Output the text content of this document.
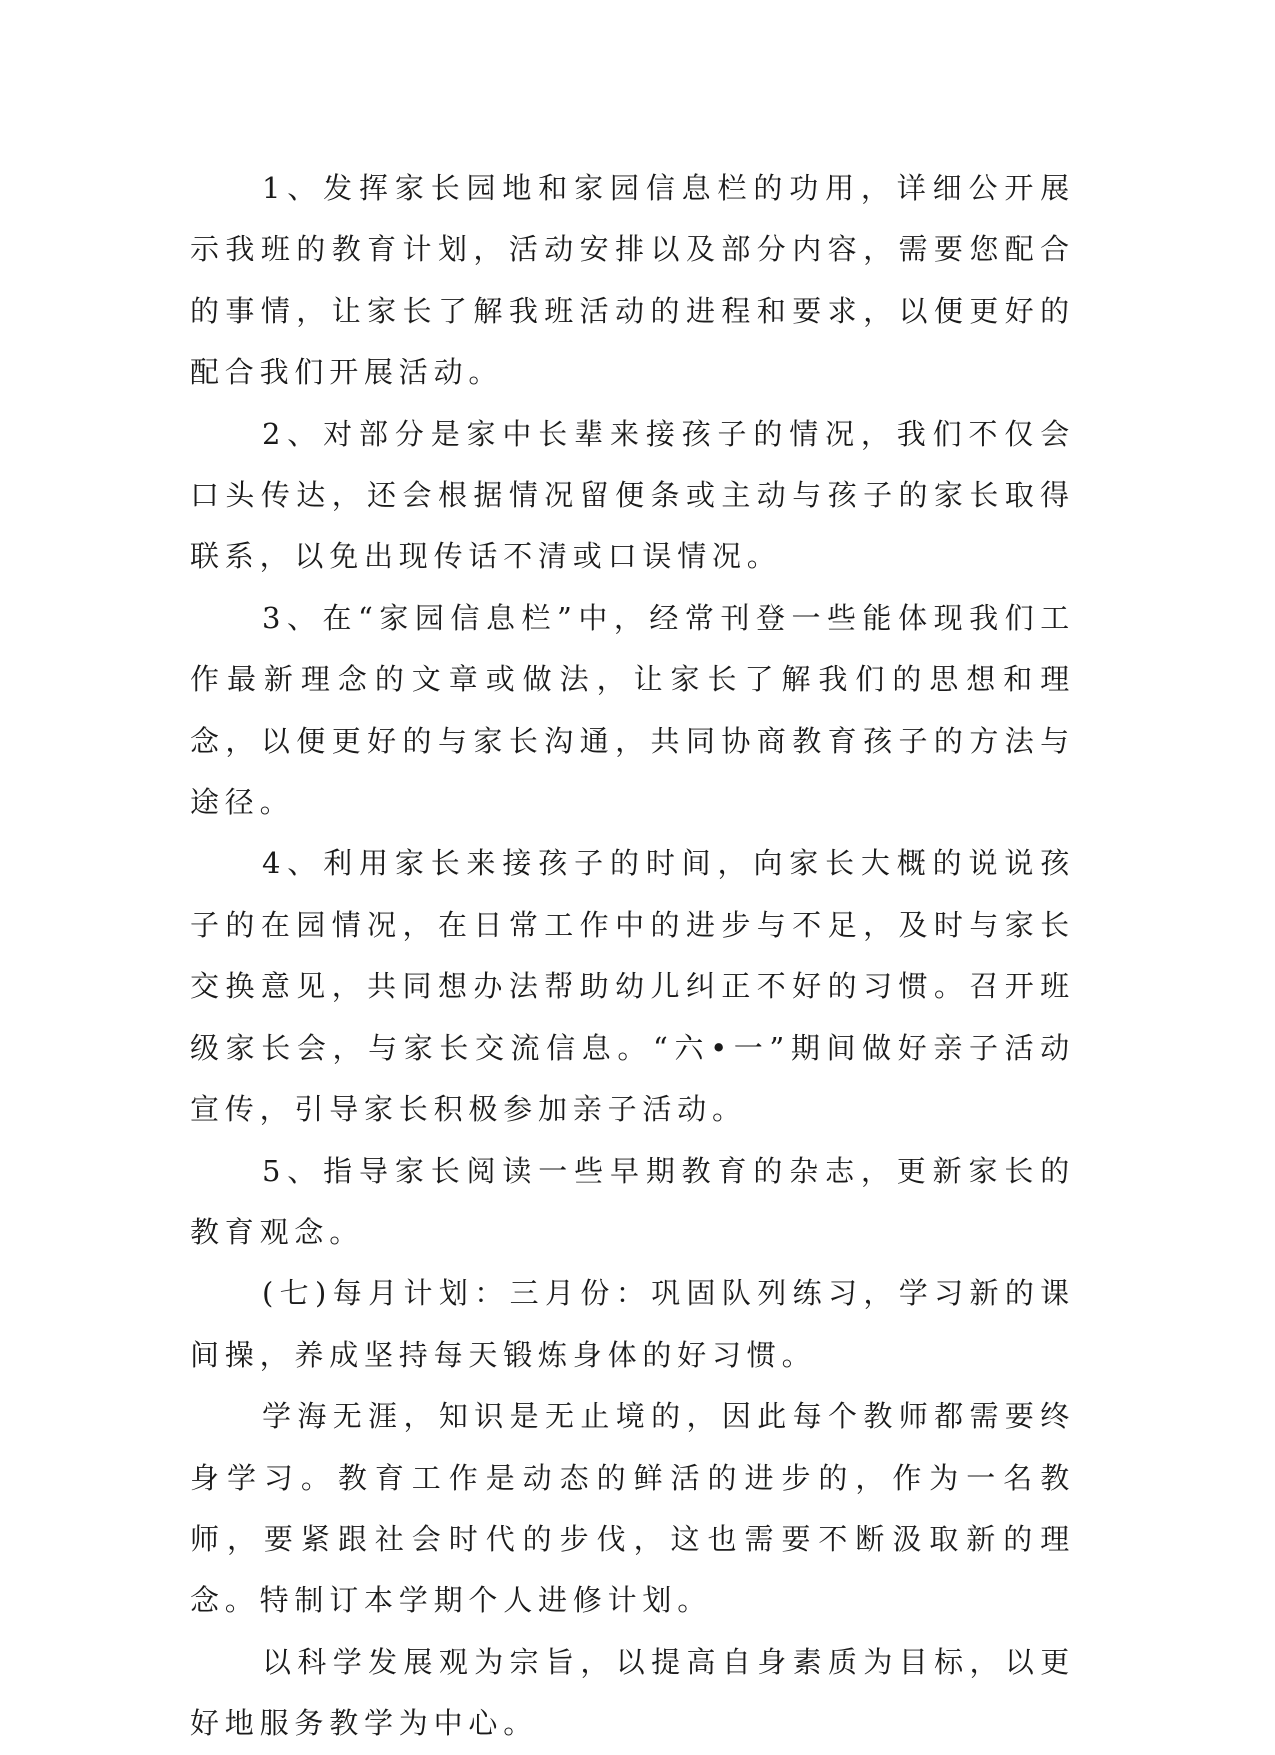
1、发挥家长园地和家园信息栏的功用，详细公开展示我班的教育计划，活动安排以及部分内容，需要您配合的事情，让家长了解我班活动的进程和要求，以便更好的配合我们开展活动。

2、对部分是家中长辈来接孩子的情况，我们不仅会口头传达，还会根据情况留便条或主动与孩子的家长取得联系，以免出现传话不清或口误情况。

3、在“家园信息栏”中，经常刊登一些能体现我们工作最新理念的文章或做法，让家长了解我们的思想和理念，以便更好的与家长沟通，共同协商教育孩子的方法与途径。

4、利用家长来接孩子的时间，向家长大概的说说孩子的在园情况，在日常工作中的进步与不足，及时与家长交换意见，共同想办法帮助幼儿纠正不好的习惯。召开班级家长会，与家长交流信息。“六•一”期间做好亲子活动宣传，引导家长积极参加亲子活动。

5、指导家长阅读一些早期教育的杂志，更新家长的教育观念。

(七)每月计划：三月份：巩固队列练习，学习新的课间操，养成坚持每天锻炼身体的好习惯。

学海无涯，知识是无止境的，因此每个教师都需要终身学习。教育工作是动态的鲜活的进步的，作为一名教师，要紧跟社会时代的步伐，这也需要不断汲取新的理念。特制订本学期个人进修计划。

以科学发展观为宗旨，以提高自身素质为目标，以更好地服务教学为中心。
